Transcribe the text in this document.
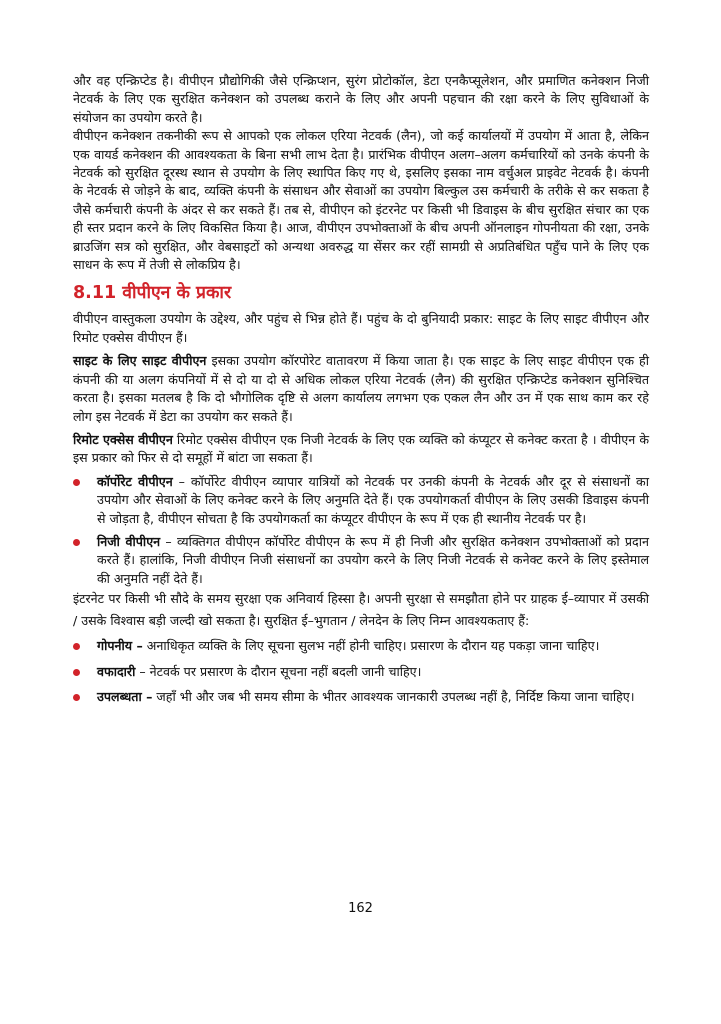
और वह एन्क्रिप्टेड है। वीपीएन प्रौद्योगिकी जैसे एन्क्रिप्शन, सुरंग प्रोटोकॉल, डेटा एनकैप्सूलेशन, और प्रमाणित कनेक्शन निजी नेटवर्क के लिए एक सुरक्षित कनेक्शन को उपलब्ध कराने के लिए और अपनी पहचान की रक्षा करने के लिए सुविधाओं के संयोजन का उपयोग करते है।

वीपीएन कनेक्शन तकनीकी रूप से आपको एक लोकल एरिया नेटवर्क (लैन), जो कई कार्यालयों में उपयोग में आता है, लेकिन एक वायर्ड कनेक्शन की आवश्यकता के बिना सभी लाभ देता है। प्रारंभिक वीपीएन अलग–अलग कर्मचारियों को उनके कंपनी के नेटवर्क को सुरक्षित दूरस्थ स्थान से उपयोग के लिए स्थापित किए गए थे, इसलिए इसका नाम वर्चुअल प्राइवेट नेटवर्क है। कंपनी के नेटवर्क से जोड़ने के बाद, व्यक्ति कंपनी के संसाधन और सेवाओं का उपयोग बिल्कुल उस कर्मचारी के तरीके से कर सकता है जैसे कर्मचारी कंपनी के अंदर से कर सकते हैं। तब से, वीपीएन को इंटरनेट पर किसी भी डिवाइस के बीच सुरक्षित संचार का एक ही स्तर प्रदान करने के लिए विकसित किया है। आज, वीपीएन उपभोक्ताओं के बीच अपनी ऑनलाइन गोपनीयता की रक्षा, उनके ब्राउजिंग सत्र को सुरक्षित, और वेबसाइटों को अन्यथा अवरुद्ध या सेंसर कर रहीं सामग्री से अप्रतिबंधित पहुँच पाने के लिए एक साधन के रूप में तेजी से लोकप्रिय है।

8.11 वीपीएन के प्रकार

वीपीएन वास्तुकला उपयोग के उद्देश्य, और पहुंच से भिन्न होते हैं। पहुंच के दो बुनियादी प्रकार: साइट के लिए साइट वीपीएन और रिमोट एक्सेस वीपीएन हैं।

साइट के लिए साइट वीपीएन इसका उपयोग कॉरपोरेट वातावरण में किया जाता है। एक साइट के लिए साइट वीपीएन एक ही कंपनी की या अलग कंपनियों में से दो या दो से अधिक लोकल एरिया नेटवर्क (लैन) की सुरक्षित एन्क्रिप्टेड कनेक्शन सुनिश्चित करता है। इसका मतलब है कि दो भौगोलिक दृष्टि से अलग कार्यालय लगभग एक एकल लैन और उन में एक साथ काम कर रहे लोग इस नेटवर्क में डेटा का उपयोग कर सकते हैं।

रिमोट एक्सेस वीपीएन रिमोट एक्सेस वीपीएन एक निजी नेटवर्क के लिए एक व्यक्ति को कंप्यूटर से कनेक्ट करता है । वीपीएन के इस प्रकार को फिर से दो समूहों में बांटा जा सकता हैं।

कॉर्पोरेट वीपीएन – कॉर्पोरेट वीपीएन व्यापार यात्रियों को नेटवर्क पर उनकी कंपनी के नेटवर्क और दूर से संसाधनों का उपयोग और सेवाओं के लिए कनेक्ट करने के लिए अनुमति देते हैं। एक उपयोगकर्ता वीपीएन के लिए उसकी डिवाइस कंपनी से जोड़ता है, वीपीएन सोचता है कि उपयोगकर्ता का कंप्यूटर वीपीएन के रूप में एक ही स्थानीय नेटवर्क पर है।

निजी वीपीएन – व्यक्तिगत वीपीएन कॉर्पोरेट वीपीएन के रूप में ही निजी और सुरक्षित कनेक्शन उपभोक्ताओं को प्रदान करते हैं। हालांकि, निजी वीपीएन निजी संसाधनों का उपयोग करने के लिए निजी नेटवर्क से कनेक्ट करने के लिए इस्तेमाल की अनुमति नहीं देते हैं।

इंटरनेट पर किसी भी सौदे के समय सुरक्षा एक अनिवार्य हिस्सा है। अपनी सुरक्षा से समझौता होने पर ग्राहक ई–व्यापार में उसकी / उसके विश्वास बड़ी जल्दी खो सकता है। सुरक्षित ई–भुगतान / लेनदेन के लिए निम्न आवश्यकताए हैं:

गोपनीय – अनाधिकृत व्यक्ति के लिए सूचना सुलभ नहीं होनी चाहिए। प्रसारण के दौरान यह पकड़ा जाना चाहिए।

वफादारी – नेटवर्क पर प्रसारण के दौरान सूचना नहीं बदली जानी चाहिए।

उपलब्धता – जहाँ भी और जब भी समय सीमा के भीतर आवश्यक जानकारी उपलब्ध नहीं है, निर्दिष्ट किया जाना चाहिए।

162
